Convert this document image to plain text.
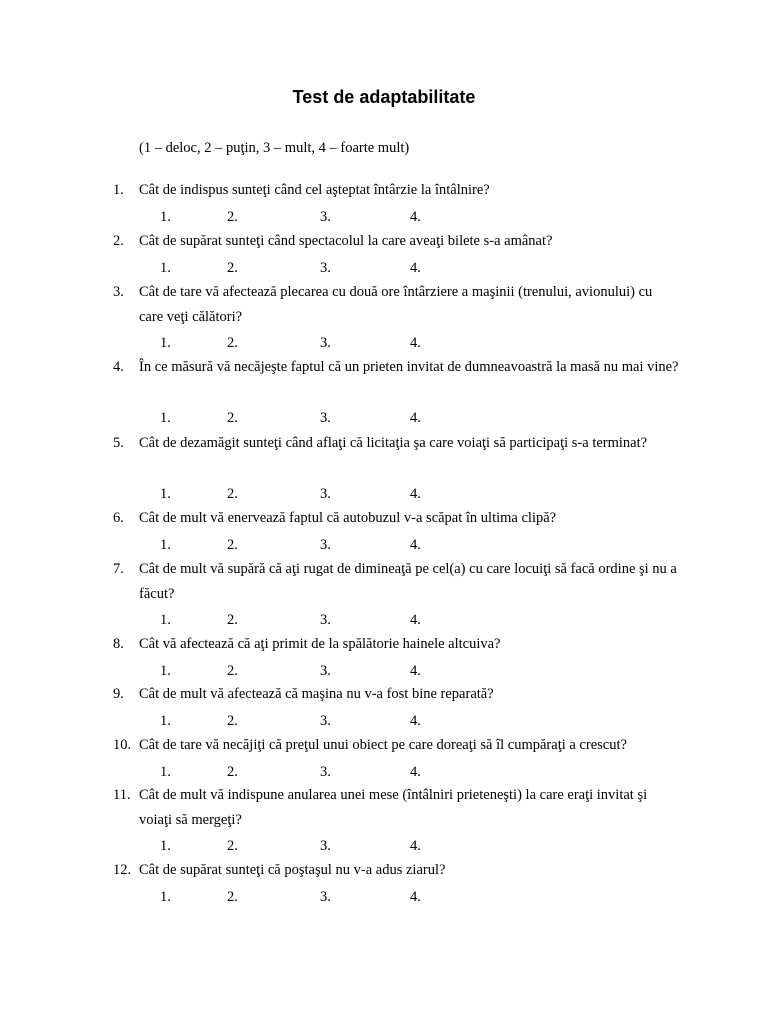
Test de adaptabilitate
(1 – deloc, 2 – puţin, 3 – mult, 4 – foarte mult)
1. Cât de indispus sunteţi când cel aşteptat întârzie la întâlnire?
1.	2.	3.	4.
2. Cât de supărat sunteţi când spectacolul la care aveaţi bilete s-a amânat?
1.	2.	3.	4.
3. Cât de tare vă afectează plecarea cu două ore întârziere a maşinii (trenului, avionului) cu care veţi călători?
1.	2.	3.	4.
4. În ce măsură vă necăjeşte faptul că un prieten invitat de dumneavoastră la masă nu mai vine?
1.	2.	3.	4.
5. Cât de dezamăgit sunteţi când aflaţi că licitaţia şa care voiaţi să participaţi s-a terminat?
1.	2.	3.	4.
6. Cât de mult vă enervează faptul că autobuzul v-a scăpat în ultima clipă?
1.	2.	3.	4.
7. Cât de mult vă supără că aţi rugat de dimineaţă pe cel(a) cu care locuiţi să facă ordine şi nu a făcut?
1.	2.	3.	4.
8. Cât vă afectează că aţi primit de la spălătorie hainele altcuiva?
1.	2.	3.	4.
9. Cât de mult vă afectează că maşina nu v-a fost bine reparată?
1.	2.	3.	4.
10. Cât de tare vă necăjiţi că preţul unui obiect pe care doreaţi să îl cumpăraţi a crescut?
1.	2.	3.	4.
11. Cât de mult vă indispune anularea unei mese (întâlniri prieteneşti) la care eraţi invitat şi voiaţi să mergeţi?
1.	2.	3.	4.
12. Cât de supărat sunteţi că poştaşul nu v-a adus ziarul?
1.	2.	3.	4.
